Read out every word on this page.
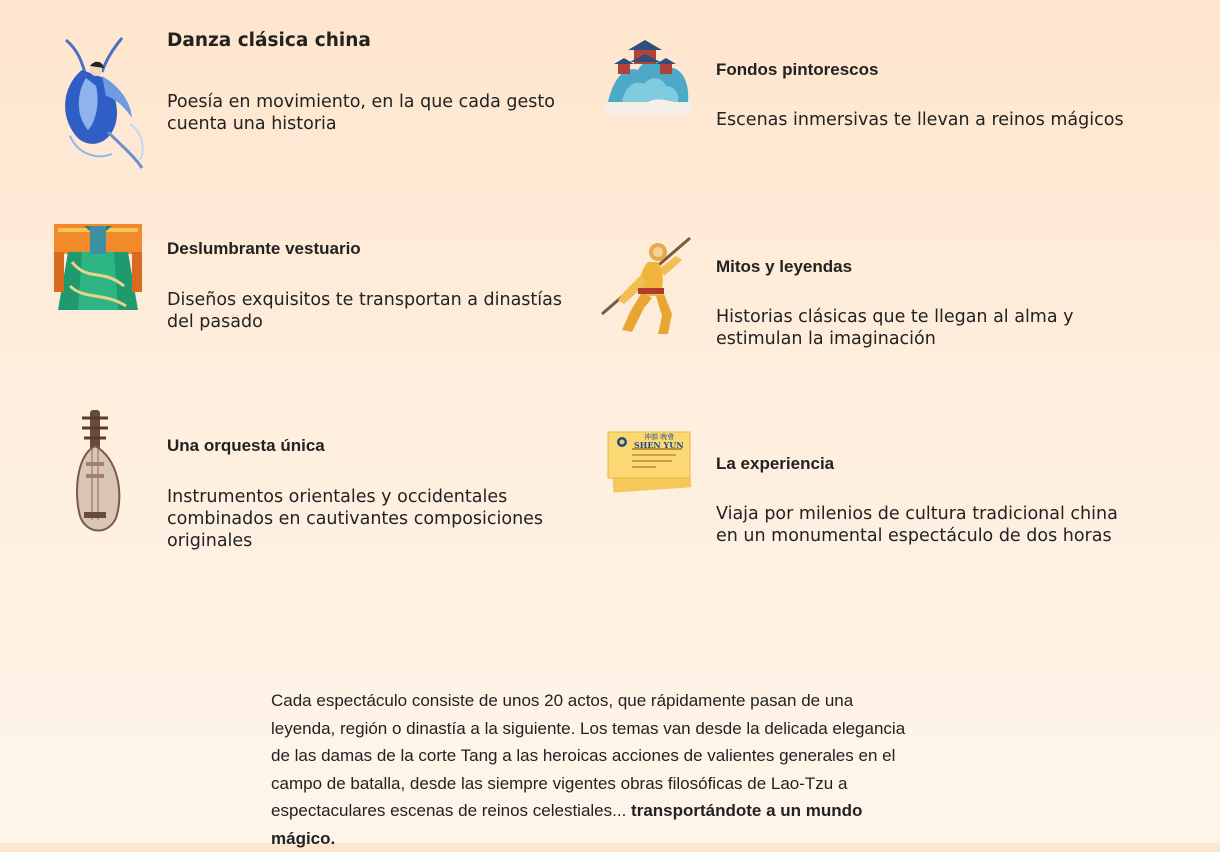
Danza clásica china

Poesía en movimiento, en la que cada gesto cuenta una historia

Fondos pintorescos

Escenas inmersivas te llevan a reinos mágicos

Deslumbrante vestuario

Diseños exquisitos te transportan a dinastías del pasado

Mitos y leyendas

Historias clásicas que te llegan al alma y estimulan la imaginación

Una orquesta única

Instrumentos orientales y occidentales combinados en cautivantes composiciones originales

神韻 晚會
SHEN YUN
La experiencia

Viaja por milenios de cultura tradicional china en un monumental espectáculo de dos horas

Cada espectáculo consiste de unos 20 actos, que rápidamente pasan de una leyenda, región o dinastía a la siguiente. Los temas van desde la delicada elegancia de las damas de la corte Tang a las heroicas acciones de valientes generales en el campo de batalla, desde las siempre vigentes obras filosóficas de Lao-Tzu a espectaculares escenas de reinos celestiales... transportándote a un mundo mágico.
